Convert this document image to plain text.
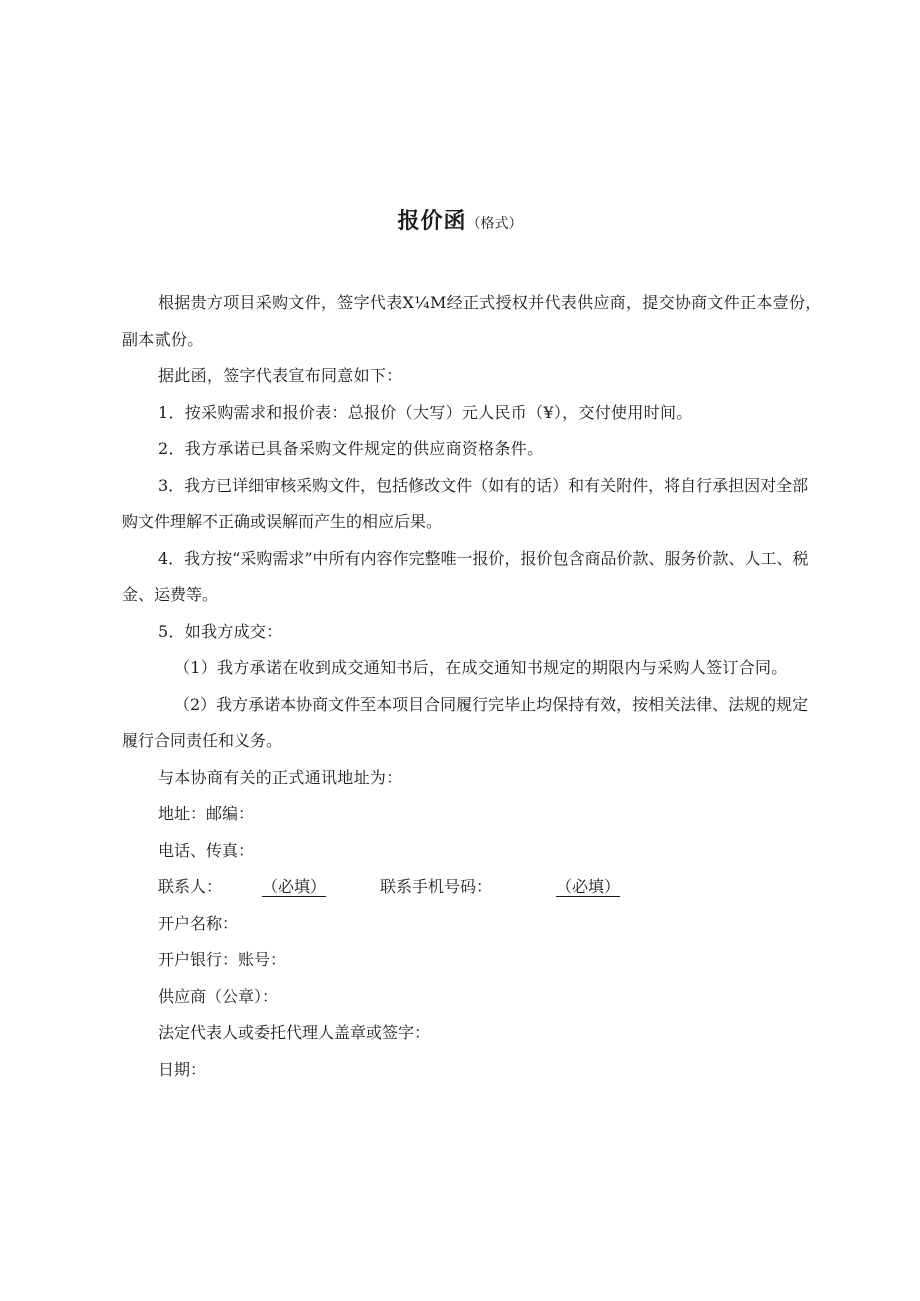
报价函（格式）

根据贵方项目采购文件，签字代表X¼M经正式授权并代表供应商，提交协商文件正本壹份，副本贰份。

据此函，签字代表宣布同意如下：

1．按采购需求和报价表：总报价（大写）元人民币（¥），交付使用时间。

2．我方承诺已具备采购文件规定的供应商资格条件。

3．我方已详细审核采购文件，包括修改文件（如有的话）和有关附件，将自行承担因对全部购文件理解不正确或误解而产生的相应后果。

4．我方按“采购需求”中所有内容作完整唯一报价，报价包含商品价款、服务价款、人工、税金、运费等。

5．如我方成交：

（1）我方承诺在收到成交通知书后，在成交通知书规定的期限内与采购人签订合同。

（2）我方承诺本协商文件至本项目合同履行完毕止均保持有效，按相关法律、法规的规定履行合同责任和义务。

与本协商有关的正式通讯地址为：

地址：邮编：

电话、传真：

联系人：	（必填）	联系手机号码：	（必填）

开户名称：

开户银行：账号：

供应商（公章）：

法定代表人或委托代理人盖章或签字：

日期：
